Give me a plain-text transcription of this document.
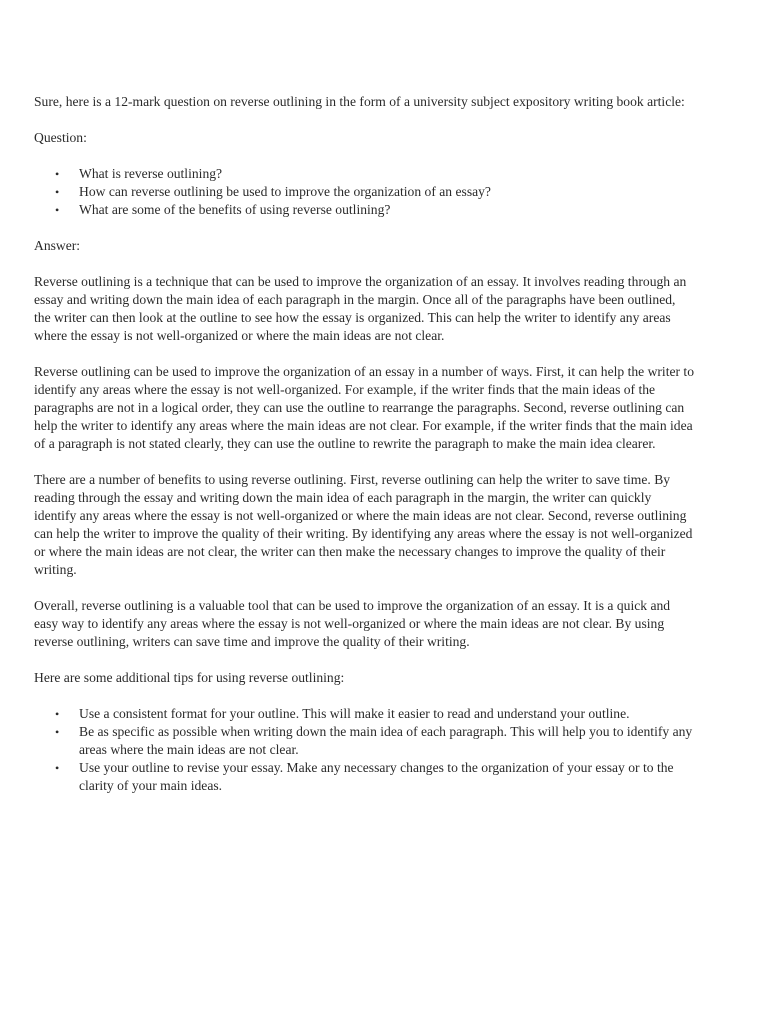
Sure, here is a 12-mark question on reverse outlining in the form of a university subject expository writing book article:

Question:

• What is reverse outlining?
• How can reverse outlining be used to improve the organization of an essay?
• What are some of the benefits of using reverse outlining?

Answer:

Reverse outlining is a technique that can be used to improve the organization of an essay. It involves reading through an essay and writing down the main idea of each paragraph in the margin. Once all of the paragraphs have been outlined, the writer can then look at the outline to see how the essay is organized. This can help the writer to identify any areas where the essay is not well-organized or where the main ideas are not clear.

Reverse outlining can be used to improve the organization of an essay in a number of ways. First, it can help the writer to identify any areas where the essay is not well-organized. For example, if the writer finds that the main ideas of the paragraphs are not in a logical order, they can use the outline to rearrange the paragraphs. Second, reverse outlining can help the writer to identify any areas where the main ideas are not clear. For example, if the writer finds that the main idea of a paragraph is not stated clearly, they can use the outline to rewrite the paragraph to make the main idea clearer.

There are a number of benefits to using reverse outlining. First, reverse outlining can help the writer to save time. By reading through the essay and writing down the main idea of each paragraph in the margin, the writer can quickly identify any areas where the essay is not well-organized or where the main ideas are not clear. Second, reverse outlining can help the writer to improve the quality of their writing. By identifying any areas where the essay is not well-organized or where the main ideas are not clear, the writer can then make the necessary changes to improve the quality of their writing.

Overall, reverse outlining is a valuable tool that can be used to improve the organization of an essay. It is a quick and easy way to identify any areas where the essay is not well-organized or where the main ideas are not clear. By using reverse outlining, writers can save time and improve the quality of their writing.

Here are some additional tips for using reverse outlining:

• Use a consistent format for your outline. This will make it easier to read and understand your outline.
• Be as specific as possible when writing down the main idea of each paragraph. This will help you to identify any areas where the main ideas are not clear.
• Use your outline to revise your essay. Make any necessary changes to the organization of your essay or to the clarity of your main ideas.
